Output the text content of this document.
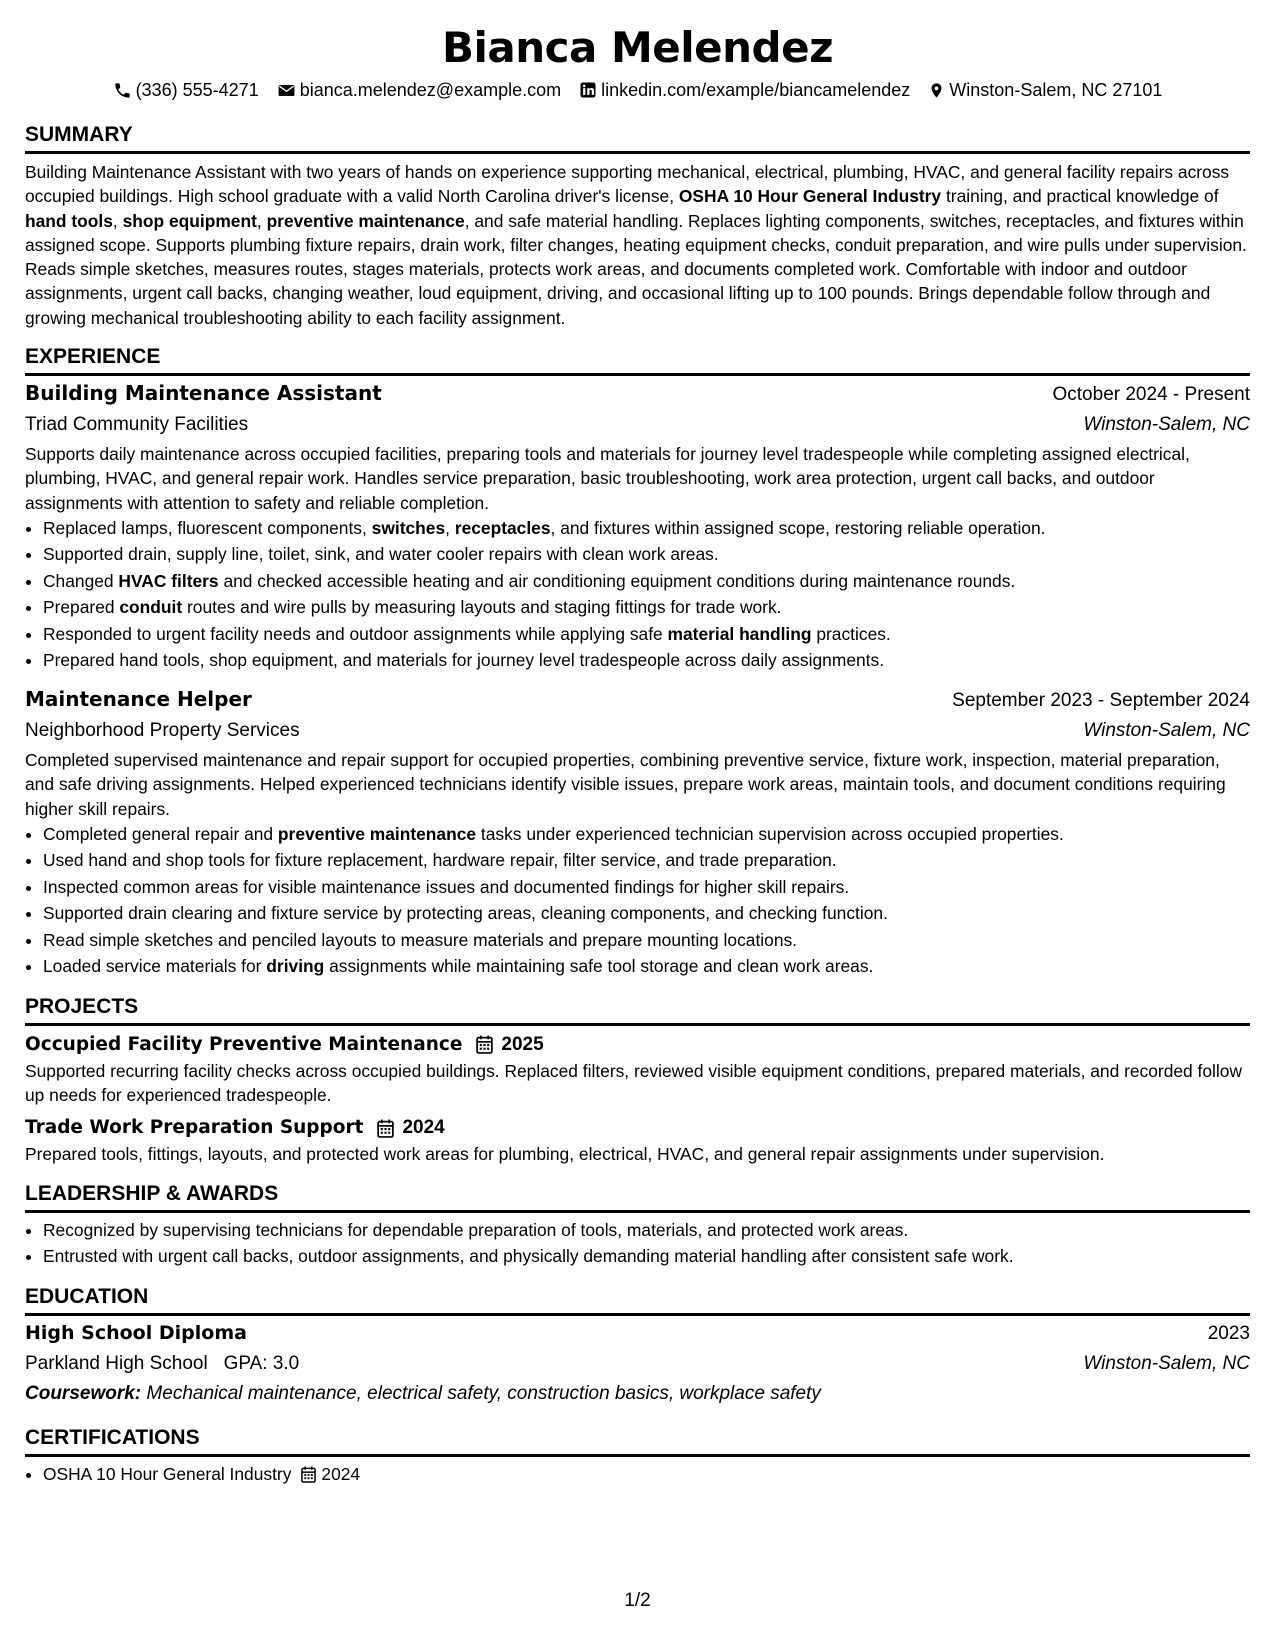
Bianca Melendez
(336) 555-4271 bianca.melendez@example.com linkedin.com/example/biancamelendez Winston-Salem, NC 27101
SUMMARY

Building Maintenance Assistant with two years of hands on experience supporting mechanical, electrical, plumbing, HVAC, and general facility repairs across occupied buildings. High school graduate with a valid North Carolina driver's license, OSHA 10 Hour General Industry training, and practical knowledge of hand tools, shop equipment, preventive maintenance, and safe material handling. Replaces lighting components, switches, receptacles, and fixtures within assigned scope. Supports plumbing fixture repairs, drain work, filter changes, heating equipment checks, conduit preparation, and wire pulls under supervision. Reads simple sketches, measures routes, stages materials, protects work areas, and documents completed work. Comfortable with indoor and outdoor assignments, urgent call backs, changing weather, loud equipment, driving, and occasional lifting up to 100 pounds. Brings dependable follow through and growing mechanical troubleshooting ability to each facility assignment.

EXPERIENCE
Building Maintenance Assistant	October 2024 - Present
Triad Community Facilities	Winston-Salem, NC

Supports daily maintenance across occupied facilities, preparing tools and materials for journey level tradespeople while completing assigned electrical, plumbing, HVAC, and general repair work. Handles service preparation, basic troubleshooting, work area protection, urgent call backs, and outdoor assignments with attention to safety and reliable completion.

• Replaced lamps, fluorescent components, switches, receptacles, and fixtures within assigned scope, restoring reliable operation.
• Supported drain, supply line, toilet, sink, and water cooler repairs with clean work areas.
• Changed HVAC filters and checked accessible heating and air conditioning equipment conditions during maintenance rounds.
• Prepared conduit routes and wire pulls by measuring layouts and staging fittings for trade work.
• Responded to urgent facility needs and outdoor assignments while applying safe material handling practices.
• Prepared hand tools, shop equipment, and materials for journey level tradespeople across daily assignments.
Maintenance Helper	September 2023 - September 2024
Neighborhood Property Services	Winston-Salem, NC

Completed supervised maintenance and repair support for occupied properties, combining preventive service, fixture work, inspection, material preparation, and safe driving assignments. Helped experienced technicians identify visible issues, prepare work areas, maintain tools, and document conditions requiring higher skill repairs.

• Completed general repair and preventive maintenance tasks under experienced technician supervision across occupied properties.
• Used hand and shop tools for fixture replacement, hardware repair, filter service, and trade preparation.
• Inspected common areas for visible maintenance issues and documented findings for higher skill repairs.
• Supported drain clearing and fixture service by protecting areas, cleaning components, and checking function.
• Read simple sketches and penciled layouts to measure materials and prepare mounting locations.
• Loaded service materials for driving assignments while maintaining safe tool storage and clean work areas.
PROJECTS
Occupied Facility Preventive Maintenance 2025

Supported recurring facility checks across occupied buildings. Replaced filters, reviewed visible equipment conditions, prepared materials, and recorded follow up needs for experienced tradespeople.

Trade Work Preparation Support 2024

Prepared tools, fittings, layouts, and protected work areas for plumbing, electrical, HVAC, and general repair assignments under supervision.

LEADERSHIP & AWARDS
• Recognized by supervising technicians for dependable preparation of tools, materials, and protected work areas.
• Entrusted with urgent call backs, outdoor assignments, and physically demanding material handling after consistent safe work.
EDUCATION
High School Diploma	2023
Parkland High School GPA: 3.0	Winston-Salem, NC

Coursework: Mechanical maintenance, electrical safety, construction basics, workplace safety

CERTIFICATIONS
• OSHA 10 Hour General Industry 2024
1/2
